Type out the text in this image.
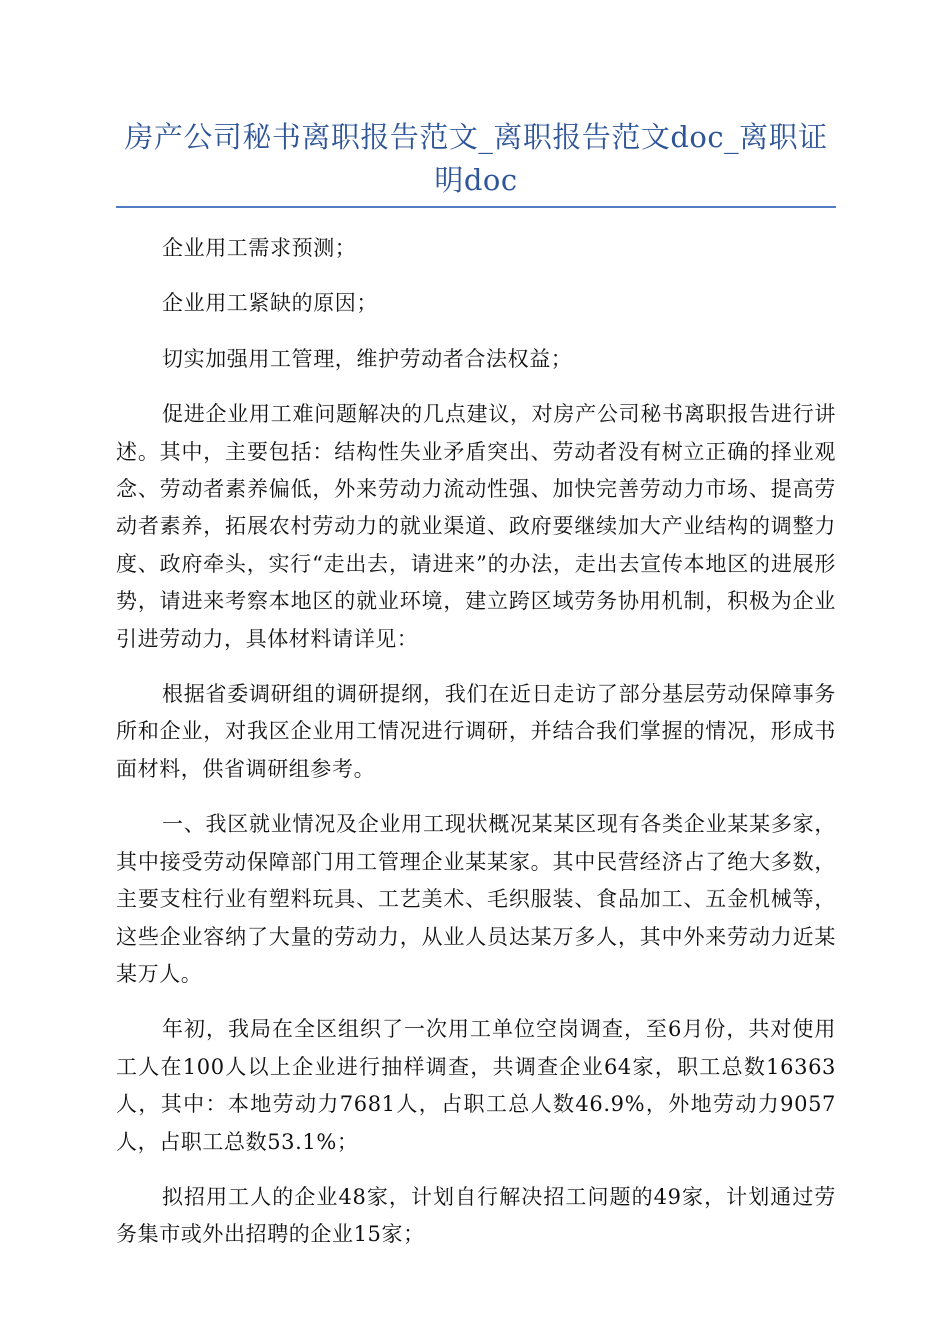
房产公司秘书离职报告范文_离职报告范文doc_离职证明doc

企业用工需求预测；

企业用工紧缺的原因；

切实加强用工管理，维护劳动者合法权益；

促进企业用工难问题解决的几点建议，对房产公司秘书离职报告进行讲述。其中，主要包括：结构性失业矛盾突出、劳动者没有树立正确的择业观念、劳动者素养偏低，外来劳动力流动性强、加快完善劳动力市场、提高劳动者素养，拓展农村劳动力的就业渠道、政府要继续加大产业结构的调整力度、政府牵头，实行“走出去，请进来”的办法，走出去宣传本地区的进展形势，请进来考察本地区的就业环境，建立跨区域劳务协用机制，积极为企业引进劳动力，具体材料请详见：

根据省委调研组的调研提纲，我们在近日走访了部分基层劳动保障事务所和企业，对我区企业用工情况进行调研，并结合我们掌握的情况，形成书面材料，供省调研组参考。

一、我区就业情况及企业用工现状概况某某区现有各类企业某某多家，其中接受劳动保障部门用工管理企业某某家。其中民营经济占了绝大多数，主要支柱行业有塑料玩具、工艺美术、毛织服装、食品加工、五金机械等，这些企业容纳了大量的劳动力，从业人员达某万多人，其中外来劳动力近某某万人。

年初，我局在全区组织了一次用工单位空岗调查，至6月份，共对使用工人在100人以上企业进行抽样调查，共调查企业64家，职工总数16363人，其中：本地劳动力7681人，占职工总人数46.9%，外地劳动力9057人，占职工总数53.1%；

拟招用工人的企业48家，计划自行解决招工问题的49家，计划通过劳务集市或外出招聘的企业15家；
